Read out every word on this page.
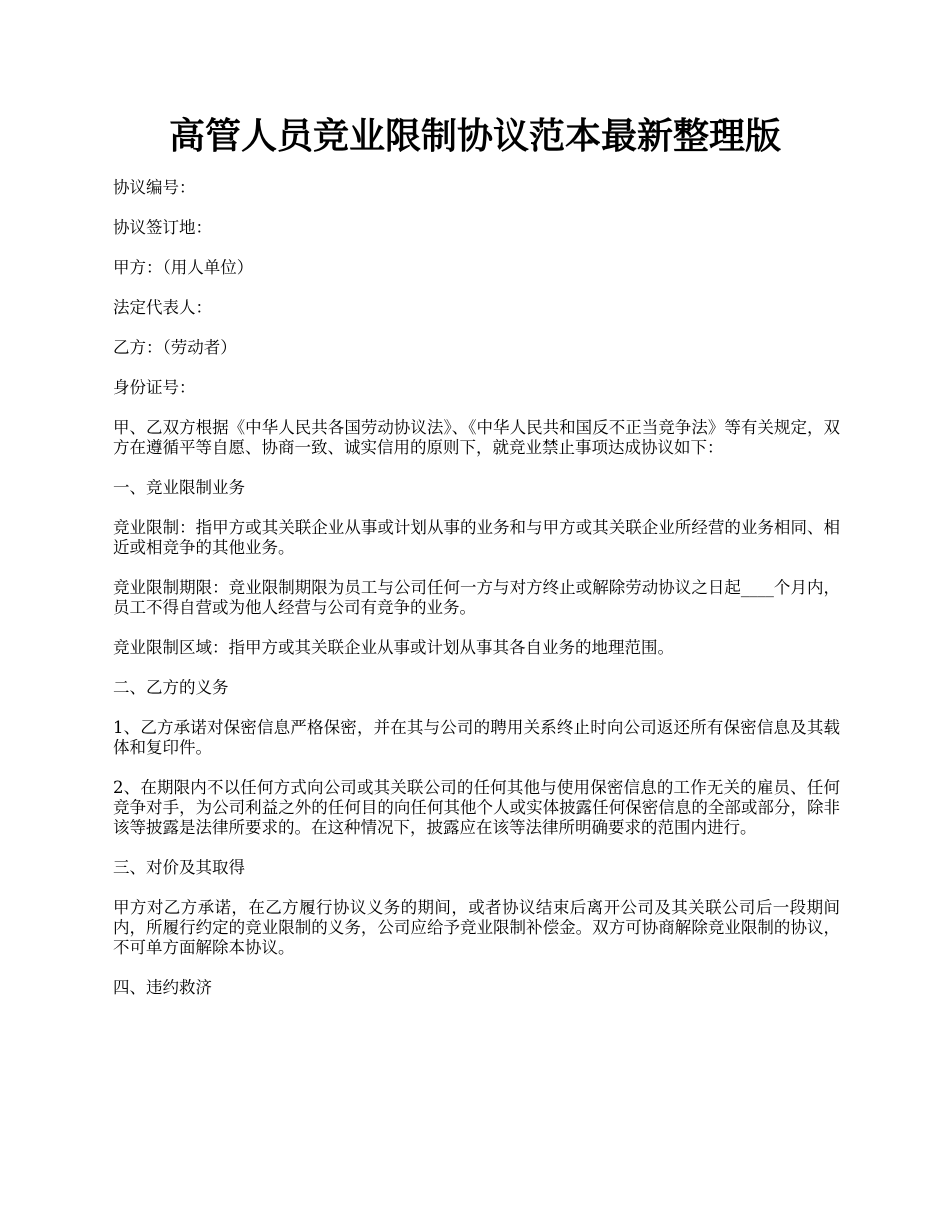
高管人员竞业限制协议范本最新整理版

协议编号：

协议签订地：

甲方：（用人单位）

法定代表人：

乙方：（劳动者）

身份证号：

甲、乙双方根据《中华人民共各国劳动协议法》、《中华人民共和国反不正当竞争法》等有关规定，双方在遵循平等自愿、协商一致、诚实信用的原则下，就竞业禁止事项达成协议如下：

一、竞业限制业务

竞业限制：指甲方或其关联企业从事或计划从事的业务和与甲方或其关联企业所经营的业务相同、相近或相竞争的其他业务。

竞业限制期限：竞业限制期限为员工与公司任何一方与对方终止或解除劳动协议之日起____个月内，员工不得自营或为他人经营与公司有竞争的业务。

竞业限制区域：指甲方或其关联企业从事或计划从事其各自业务的地理范围。

二、乙方的义务

1、乙方承诺对保密信息严格保密，并在其与公司的聘用关系终止时向公司返还所有保密信息及其载体和复印件。

2、在期限内不以任何方式向公司或其关联公司的任何其他与使用保密信息的工作无关的雇员、任何竞争对手，为公司利益之外的任何目的向任何其他个人或实体披露任何保密信息的全部或部分，除非该等披露是法律所要求的。在这种情况下，披露应在该等法律所明确要求的范围内进行。

三、对价及其取得

甲方对乙方承诺，在乙方履行协议义务的期间，或者协议结束后离开公司及其关联公司后一段期间内，所履行约定的竞业限制的义务，公司应给予竞业限制补偿金。双方可协商解除竞业限制的协议，不可单方面解除本协议。

四、违约救济
